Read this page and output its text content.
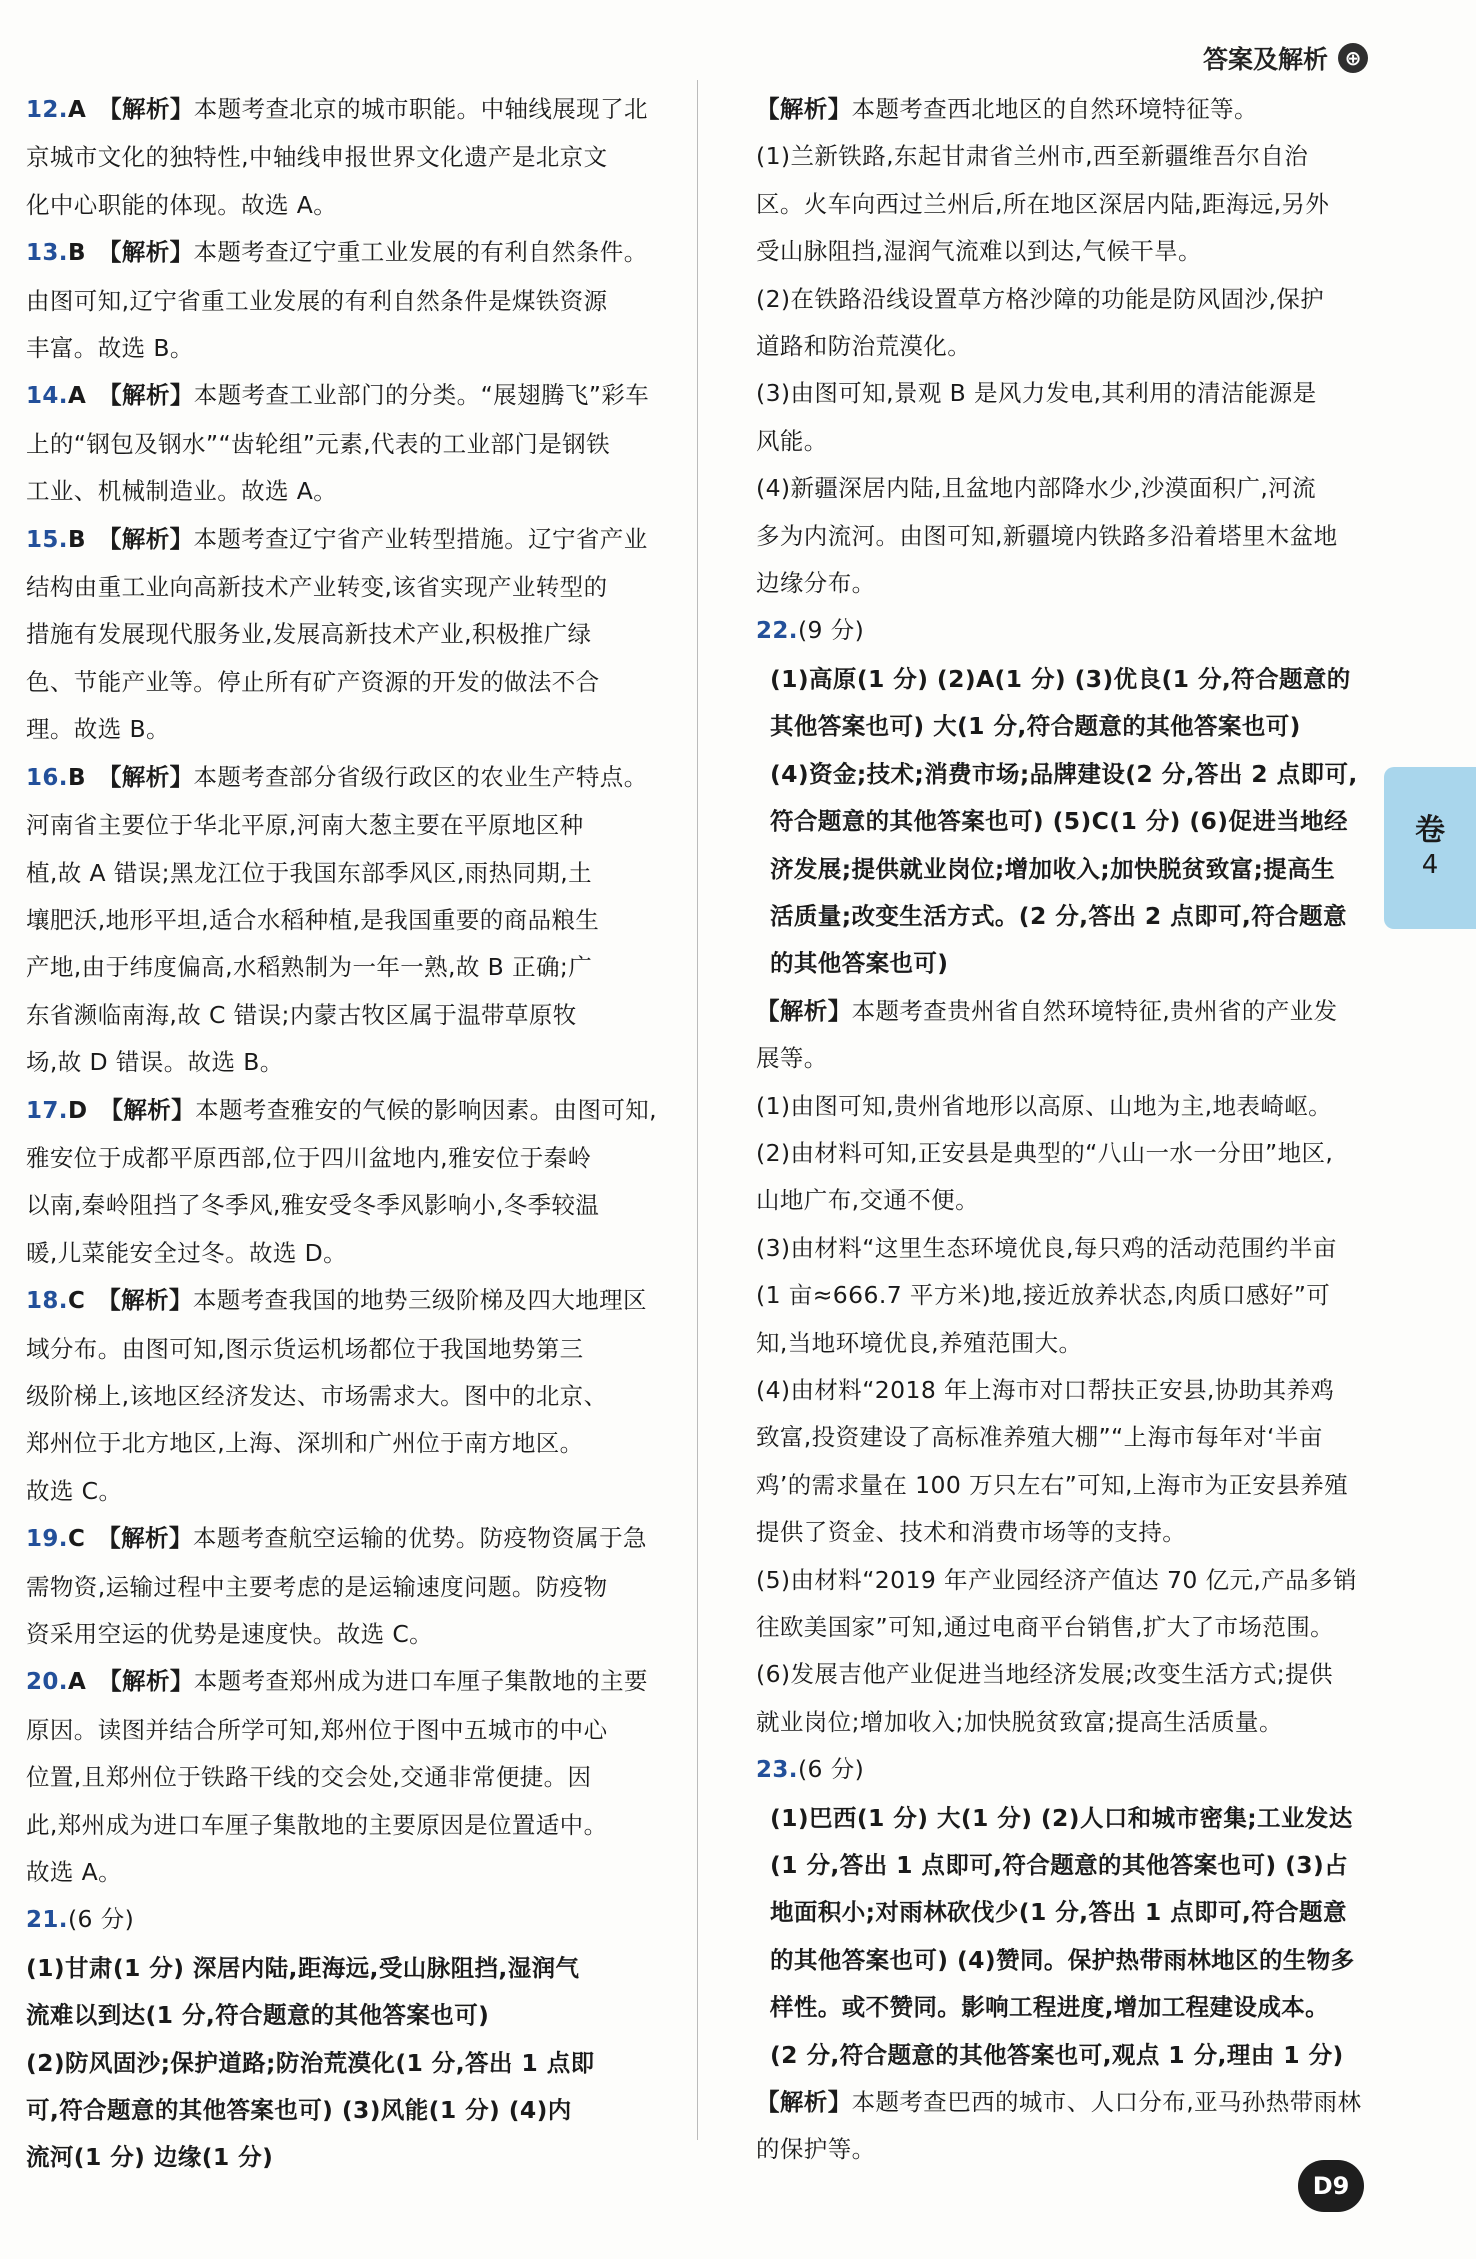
答案及解析 ⊕

12.A 【解析】本题考查北京的城市职能。中轴线展现了北

京城市文化的独特性,中轴线申报世界文化遗产是北京文

化中心职能的体现。故选 A。

13.B 【解析】本题考查辽宁重工业发展的有利自然条件。

由图可知,辽宁省重工业发展的有利自然条件是煤铁资源

丰富。故选 B。

14.A 【解析】本题考查工业部门的分类。“展翅腾飞”彩车

上的“钢包及钢水”“齿轮组”元素,代表的工业部门是钢铁

工业、机械制造业。故选 A。

15.B 【解析】本题考查辽宁省产业转型措施。辽宁省产业

结构由重工业向高新技术产业转变,该省实现产业转型的

措施有发展现代服务业,发展高新技术产业,积极推广绿

色、节能产业等。停止所有矿产资源的开发的做法不合

理。故选 B。

16.B 【解析】本题考查部分省级行政区的农业生产特点。

河南省主要位于华北平原,河南大葱主要在平原地区种

植,故 A 错误;黑龙江位于我国东部季风区,雨热同期,土

壤肥沃,地形平坦,适合水稻种植,是我国重要的商品粮生

产地,由于纬度偏高,水稻熟制为一年一熟,故 B 正确;广

东省濒临南海,故 C 错误;内蒙古牧区属于温带草原牧

场,故 D 错误。故选 B。

17.D 【解析】本题考查雅安的气候的影响因素。由图可知,

雅安位于成都平原西部,位于四川盆地内,雅安位于秦岭

以南,秦岭阻挡了冬季风,雅安受冬季风影响小,冬季较温

暖,儿菜能安全过冬。故选 D。

18.C 【解析】本题考查我国的地势三级阶梯及四大地理区

域分布。由图可知,图示货运机场都位于我国地势第三

级阶梯上,该地区经济发达、市场需求大。图中的北京、

郑州位于北方地区,上海、深圳和广州位于南方地区。

故选 C。

19.C 【解析】本题考查航空运输的优势。防疫物资属于急

需物资,运输过程中主要考虑的是运输速度问题。防疫物

资采用空运的优势是速度快。故选 C。

20.A 【解析】本题考查郑州成为进口车厘子集散地的主要

原因。读图并结合所学可知,郑州位于图中五城市的中心

位置,且郑州位于铁路干线的交会处,交通非常便捷。因

此,郑州成为进口车厘子集散地的主要原因是位置适中。

故选 A。

21.(6 分)

(1)甘肃(1 分) 深居内陆,距海远,受山脉阻挡,湿润气

流难以到达(1 分,符合题意的其他答案也可)

(2)防风固沙;保护道路;防治荒漠化(1 分,答出 1 点即

可,符合题意的其他答案也可) (3)风能(1 分) (4)内

流河(1 分) 边缘(1 分)

【解析】本题考查西北地区的自然环境特征等。

(1)兰新铁路,东起甘肃省兰州市,西至新疆维吾尔自治

区。火车向西过兰州后,所在地区深居内陆,距海远,另外

受山脉阻挡,湿润气流难以到达,气候干旱。

(2)在铁路沿线设置草方格沙障的功能是防风固沙,保护

道路和防治荒漠化。

(3)由图可知,景观 B 是风力发电,其利用的清洁能源是

风能。

(4)新疆深居内陆,且盆地内部降水少,沙漠面积广,河流

多为内流河。由图可知,新疆境内铁路多沿着塔里木盆地

边缘分布。

22.(9 分)

(1)高原(1 分) (2)A(1 分) (3)优良(1 分,符合题意的

其他答案也可) 大(1 分,符合题意的其他答案也可)

(4)资金;技术;消费市场;品牌建设(2 分,答出 2 点即可,

符合题意的其他答案也可) (5)C(1 分) (6)促进当地经

济发展;提供就业岗位;增加收入;加快脱贫致富;提高生

活质量;改变生活方式。(2 分,答出 2 点即可,符合题意

的其他答案也可)

【解析】本题考查贵州省自然环境特征,贵州省的产业发

展等。

(1)由图可知,贵州省地形以高原、山地为主,地表崎岖。

(2)由材料可知,正安县是典型的“八山一水一分田”地区,

山地广布,交通不便。

(3)由材料“这里生态环境优良,每只鸡的活动范围约半亩

(1 亩≈666.7 平方米)地,接近放养状态,肉质口感好”可

知,当地环境优良,养殖范围大。

(4)由材料“2018 年上海市对口帮扶正安县,协助其养鸡

致富,投资建设了高标准养殖大棚”“上海市每年对‘半亩

鸡’的需求量在 100 万只左右”可知,上海市为正安县养殖

提供了资金、技术和消费市场等的支持。

(5)由材料“2019 年产业园经济产值达 70 亿元,产品多销

往欧美国家”可知,通过电商平台销售,扩大了市场范围。

(6)发展吉他产业促进当地经济发展;改变生活方式;提供

就业岗位;增加收入;加快脱贫致富;提高生活质量。

23.(6 分)

(1)巴西(1 分) 大(1 分) (2)人口和城市密集;工业发达

(1 分,答出 1 点即可,符合题意的其他答案也可) (3)占

地面积小;对雨林砍伐少(1 分,答出 1 点即可,符合题意

的其他答案也可) (4)赞同。保护热带雨林地区的生物多

样性。或不赞同。影响工程进度,增加工程建设成本。

(2 分,符合题意的其他答案也可,观点 1 分,理由 1 分)

【解析】本题考查巴西的城市、人口分布,亚马孙热带雨林

的保护等。

卷
4
D9
